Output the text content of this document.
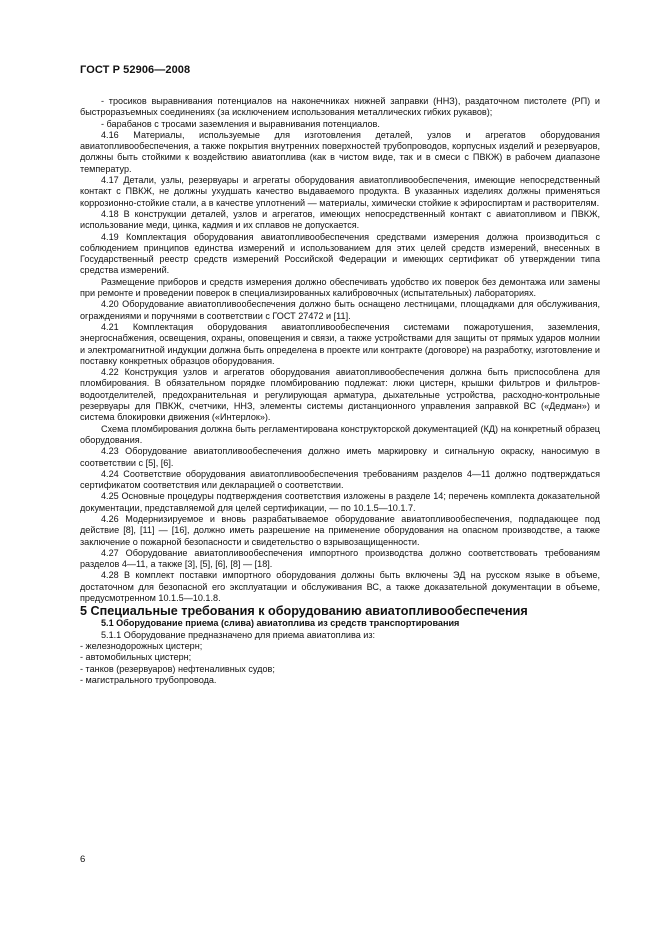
ГОСТ Р 52906—2008

- тросиков выравнивания потенциалов на наконечниках нижней заправки (ННЗ), раздаточном пистолете (РП) и быстроразъемных соединениях (за исключением использования металлических гибких рукавов);

- барабанов с тросами заземления и выравнивания потенциалов.

4.16 Материалы, используемые для изготовления деталей, узлов и агрегатов оборудования авиатопливообеспечения, а также покрытия внутренних поверхностей трубопроводов, корпусных изделий и резервуаров, должны быть стойкими к воздействию авиатоплива (как в чистом виде, так и в смеси с ПВКЖ) в рабочем диапазоне температур.

4.17 Детали, узлы, резервуары и агрегаты оборудования авиатопливообеспечения, имеющие непосредственный контакт с ПВКЖ, не должны ухудшать качество выдаваемого продукта. В указанных изделиях должны применяться коррозионно-стойкие стали, а в качестве уплотнений — материалы, химически стойкие к эфироспиртам и растворителям.

4.18 В конструкции деталей, узлов и агрегатов, имеющих непосредственный контакт с авиатопливом и ПВКЖ, использование меди, цинка, кадмия и их сплавов не допускается.

4.19 Комплектация оборудования авиатопливообеспечения средствами измерения должна производиться с соблюдением принципов единства измерений и использованием для этих целей средств измерений, внесенных в Государственный реестр средств измерений Российской Федерации и имеющих сертификат об утверждении типа средства измерений.

Размещение приборов и средств измерения должно обеспечивать удобство их поверок без демонтажа или замены при ремонте и проведении поверок в специализированных калибровочных (испытательных) лабораториях.

4.20 Оборудование авиатопливообеспечения должно быть оснащено лестницами, площадками для обслуживания, ограждениями и поручнями в соответствии с ГОСТ 27472 и [11].

4.21 Комплектация оборудования авиатопливообеспечения системами пожаротушения, заземления, энергоснабжения, освещения, охраны, оповещения и связи, а также устройствами для защиты от прямых ударов молнии и электромагнитной индукции должна быть определена в проекте или контракте (договоре) на разработку, изготовление и поставку конкретных образцов оборудования.

4.22 Конструкция узлов и агрегатов оборудования авиатопливообеспечения должна быть приспособлена для пломбирования. В обязательном порядке пломбированию подлежат: люки цистерн, крышки фильтров и фильтров-водоотделителей, предохранительная и регулирующая арматура, дыхательные устройства, расходно-контрольные резервуары для ПВКЖ, счетчики, ННЗ, элементы системы дистанционного управления заправкой ВС («Дедман») и система блокировки движения («Интерлок»).

Схема пломбирования должна быть регламентирована конструкторской документацией (КД) на конкретный образец оборудования.

4.23 Оборудование авиатопливообеспечения должно иметь маркировку и сигнальную окраску, наносимую в соответствии с [5], [6].

4.24 Соответствие оборудования авиатопливообеспечения требованиям разделов 4—11 должно подтверждаться сертификатом соответствия или декларацией о соответствии.

4.25 Основные процедуры подтверждения соответствия изложены в разделе 14; перечень комплекта доказательной документации, представляемой для целей сертификации, — по 10.1.5—10.1.7.

4.26 Модернизируемое и вновь разрабатываемое оборудование авиатопливообеспечения, подпадающее под действие [8], [11] — [16], должно иметь разрешение на применение оборудования на опасном производстве, а также заключение о пожарной безопасности и свидетельство о взрывозащищенности.

4.27 Оборудование авиатопливообеспечения импортного производства должно соответствовать требованиям разделов 4—11, а также [3], [5], [6], [8] — [18].

4.28 В комплект поставки импортного оборудования должны быть включены ЭД на русском языке в объеме, достаточном для безопасной его эксплуатации и обслуживания ВС, а также доказательной документации в объеме, предусмотренном 10.1.5—10.1.8.

5 Специальные требования к оборудованию авиатопливообеспечения

5.1 Оборудование приема (слива) авиатоплива из средств транспортирования

5.1.1 Оборудование предназначено для приема авиатоплива из:

- железнодорожных цистерн;

- автомобильных цистерн;

- танков (резервуаров) нефтеналивных судов;

- магистрального трубопровода.

6
